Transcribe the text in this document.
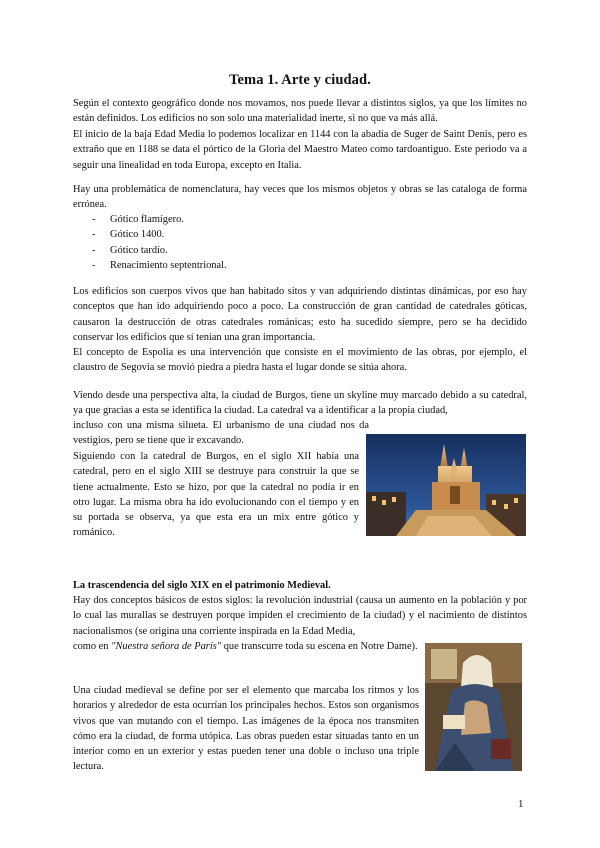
Tema 1. Arte y ciudad.

Según el contexto geográfico donde nos movamos, nos puede llevar a distintos siglos, ya que los límites no están definidos. Los edificios no son solo una materialidad inerte, si no que va más allá.

El inicio de la baja Edad Media lo podemos localizar en 1144 con la abadía de Suger de Saint Denis, pero es extraño que en 1188 se data el pórtico de la Gloria del Maestro Mateo como tardoantiguo. Este periodo va a seguir una linealidad en toda Europa, excepto en Italia.

Hay una problemática de nomenclatura, hay veces que los mismos objetos y obras se las cataloga de forma errónea.

- Gótico flamígero.
- Gótico 1400.
- Gótico tardío.
- Renacimiento septentrional.

Los edificios son cuerpos vivos que han habitado sitos y van adquiriendo distintas dinámicas, por eso hay conceptos que han ido adquiriendo poco a poco. La construcción de gran cantidad de catedrales góticas, causaron la destrucción de otras catedrales románicas; esto ha sucedido siempre, pero se ha decidido conservar los edificios que sí tenían una gran importancia.

El concepto de Espolia es una intervención que consiste en el movimiento de las obras, por ejemplo, el claustro de Segovia se movió piedra a piedra hasta el lugar donde se sitúa ahora.

Viendo desde una perspectiva alta, la ciudad de Burgos, tiene un skyline muy marcado debido a su catedral, ya que gracias a esta se identifica la ciudad. La catedral va a identificar a la propia ciudad,

incluso con una misma silueta. El urbanismo de una ciudad nos da vestigios, pero se tiene que ir excavando.

Siguiendo con la catedral de Burgos, en el siglo XII había una catedral, pero en el siglo XIII se destruye para construir la que se tiene actualmente. Esto se hizo, por que la catedral no podía ir en otro lugar. La misma obra ha ido evolucionando con el tiempo y en su portada se observa, ya que esta era un mix entre gótico y románico.

La trascendencia del siglo XIX en el patrimonio Medieval.

Hay dos conceptos básicos de estos siglos: la revolución industrial (causa un aumento en la población y por lo cual las murallas se destruyen porque impiden el crecimiento de la ciudad) y el nacimiento de distintos nacionalismos (se origina una corriente inspirada en la Edad Media,

como en "Nuestra señora de París" que transcurre toda su escena en Notre Dame).

Una ciudad medieval se define por ser el elemento que marcaba los ritmos y los horarios y alrededor de esta ocurrían los principales hechos. Estos son organismos vivos que van mutando con el tiempo. Las imágenes de la época nos transmiten cómo era la ciudad, de forma utópica. Las obras pueden estar situadas tanto en un interior como en un exterior y estas pueden tener una doble o incluso una triple lectura.

1
